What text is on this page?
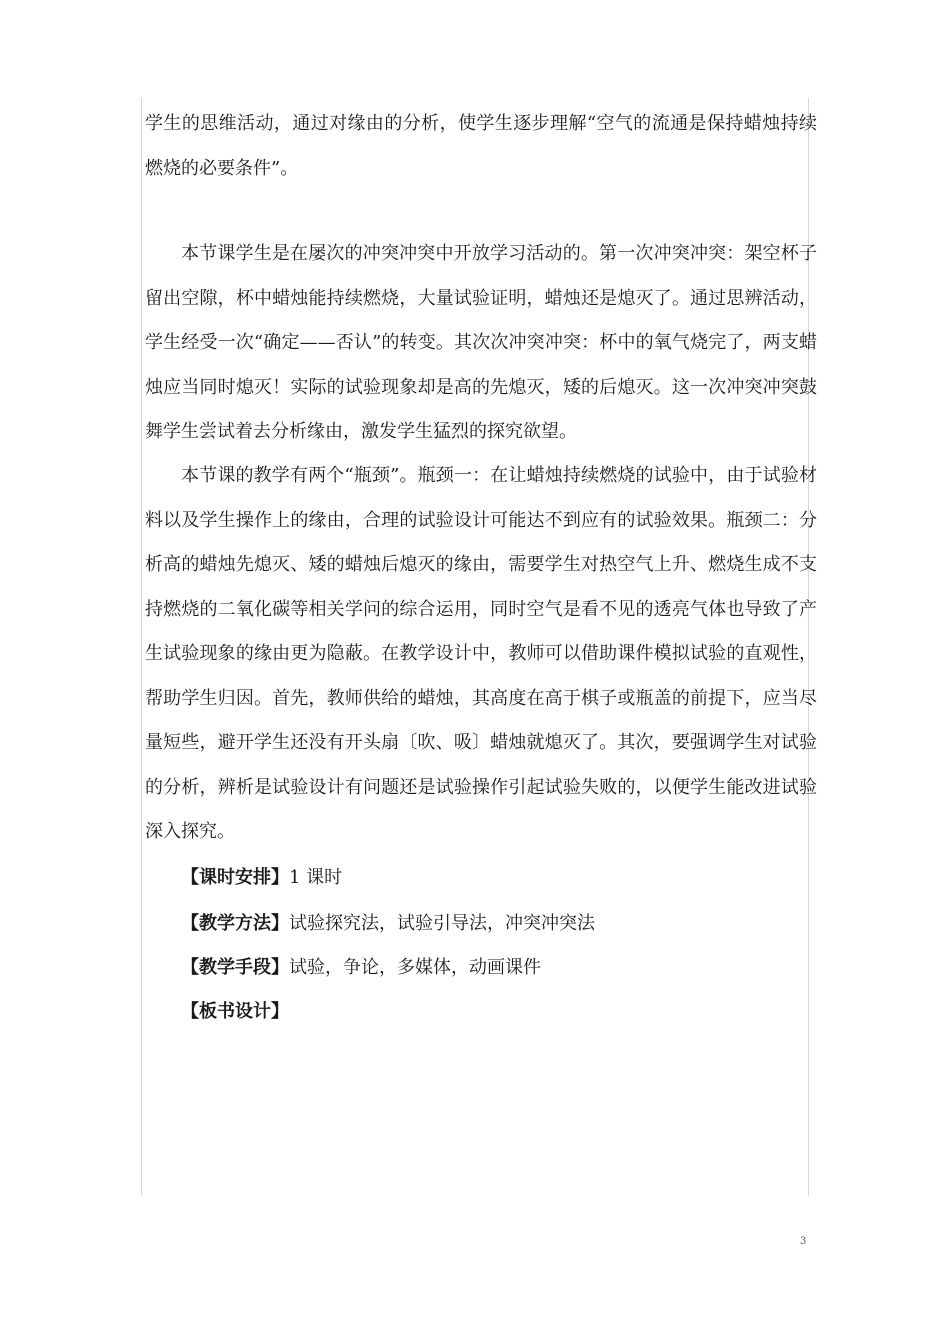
学生的思维活动，通过对缘由的分析，使学生逐步理解“空气的流通是保持蜡烛持续燃烧的必要条件”。

本节课学生是在屡次的冲突冲突中开放学习活动的。第一次冲突冲突：架空杯子留出空隙，杯中蜡烛能持续燃烧，大量试验证明，蜡烛还是熄灭了。通过思辨活动，学生经受一次“确定——否认”的转变。其次次冲突冲突：杯中的氧气烧完了，两支蜡烛应当同时熄灭！实际的试验现象却是高的先熄灭，矮的后熄灭。这一次冲突冲突鼓舞学生尝试着去分析缘由，激发学生猛烈的探究欲望。

本节课的教学有两个“瓶颈”。瓶颈一：在让蜡烛持续燃烧的试验中，由于试验材料以及学生操作上的缘由，合理的试验设计可能达不到应有的试验效果。瓶颈二：分析高的蜡烛先熄灭、矮的蜡烛后熄灭的缘由，需要学生对热空气上升、燃烧生成不支持燃烧的二氧化碳等相关学问的综合运用，同时空气是看不见的透亮气体也导致了产生试验现象的缘由更为隐蔽。在教学设计中，教师可以借助课件模拟试验的直观性，帮助学生归因。首先，教师供给的蜡烛，其高度在高于棋子或瓶盖的前提下，应当尽量短些，避开学生还没有开头扇〔吹、吸〕蜡烛就熄灭了。其次，要强调学生对试验的分析，辨析是试验设计有问题还是试验操作引起试验失败的，以便学生能改进试验深入探究。

【课时安排】1 课时

【教学方法】试验探究法，试验引导法，冲突冲突法

【教学手段】试验，争论，多媒体，动画课件

【板书设计】

3
